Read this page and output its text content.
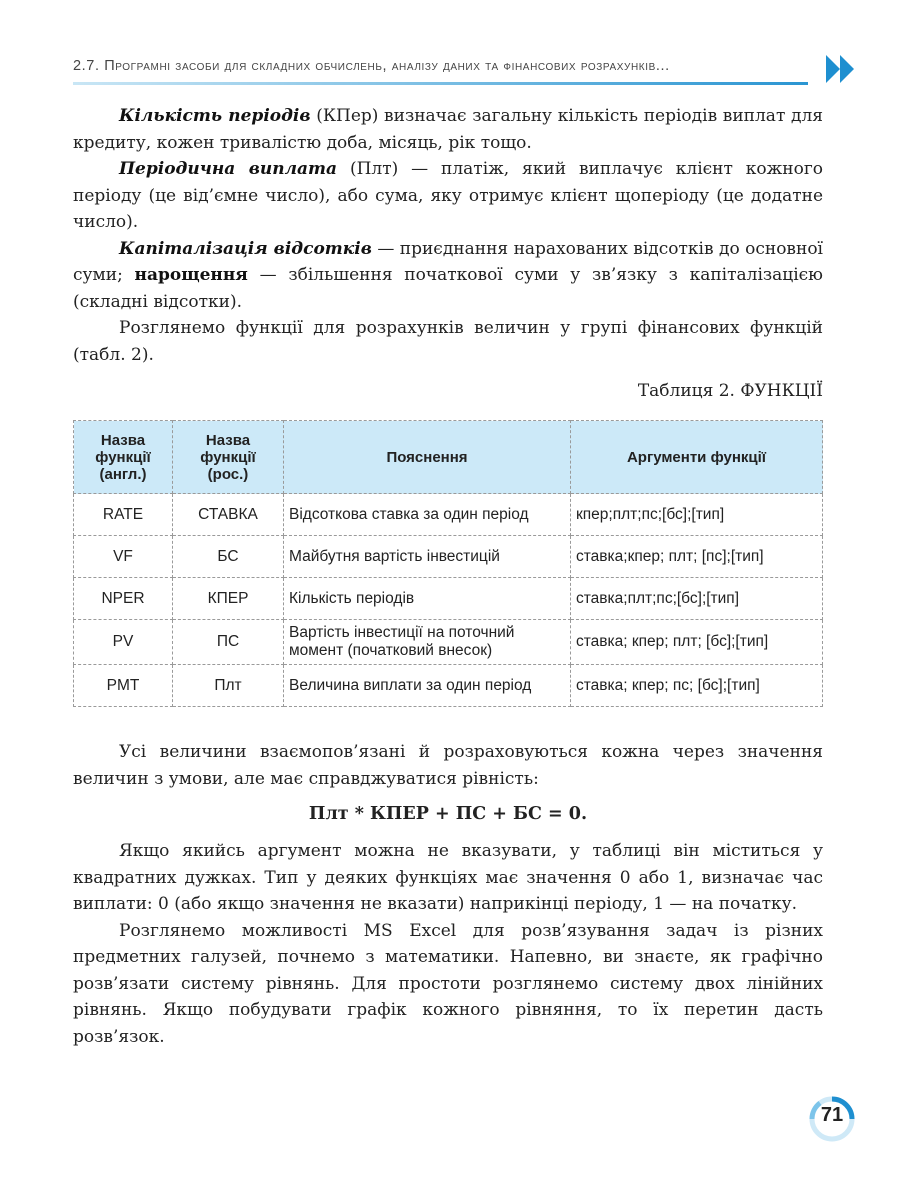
2.7. Програмні засоби для складних обчислень, аналізу даних та фінансових розрахунків...

Кількість періодів (КПер) визначає загальну кількість періодів виплат для кредиту, кожен тривалістю доба, місяць, рік тощо.

Періодична виплата (Плт) — платіж, який виплачує клієнт кожного періоду (це від’ємне число), або сума, яку отримує клієнт щоперіоду (це додатне число).

Капіталізація відсотків — приєднання нарахованих відсотків до основної суми; нарощення — збільшення початкової суми у зв’язку з капіталізацією (складні відсотки).

Розглянемо функції для розрахунків величин у групі фінансових функцій (табл. 2).

Таблиця 2. ФУНКЦІЇ
Назва функції (англ.)	Назва функції (рос.)	Пояснення	Аргументи функції
RATE	СТАВКА	Відсоткова ставка за один період	кпер;плт;пс;[бс];[тип]
VF	БС	Майбутня вартість інвестицій	ставка;кпер; плт; [пс];[тип]
NPER	КПЕР	Кількість періодів	ставка;плт;пс;[бс];[тип]
PV	ПС	Вартість інвестиції на поточний момент (початковий внесок)	ставка; кпер; плт; [бс];[тип]
PMT	Плт	Величина виплати за один період	ставка; кпер; пс; [бс];[тип]

Усі величини взаємопов’язані й розраховуються кожна через значення величин з умови, але має справджуватися рівність:

Плт * КПЕР + ПС + БС = 0.

Якщо якийсь аргумент можна не вказувати, у таблиці він міститься у квадратних дужках. Тип у деяких функціях має значення 0 або 1, визначає час виплати: 0 (або якщо значення не вказати) наприкінці періоду, 1 — на початку.

Розглянемо можливості MS Excel для розв’язування задач із різних предметних галузей, почнемо з математики. Напевно, ви знаєте, як графічно розв’язати систему рівнянь. Для простоти розглянемо систему двох лінійних рівнянь. Якщо побудувати графік кожного рівняння, то їх перетин дасть розв’язок.

71
